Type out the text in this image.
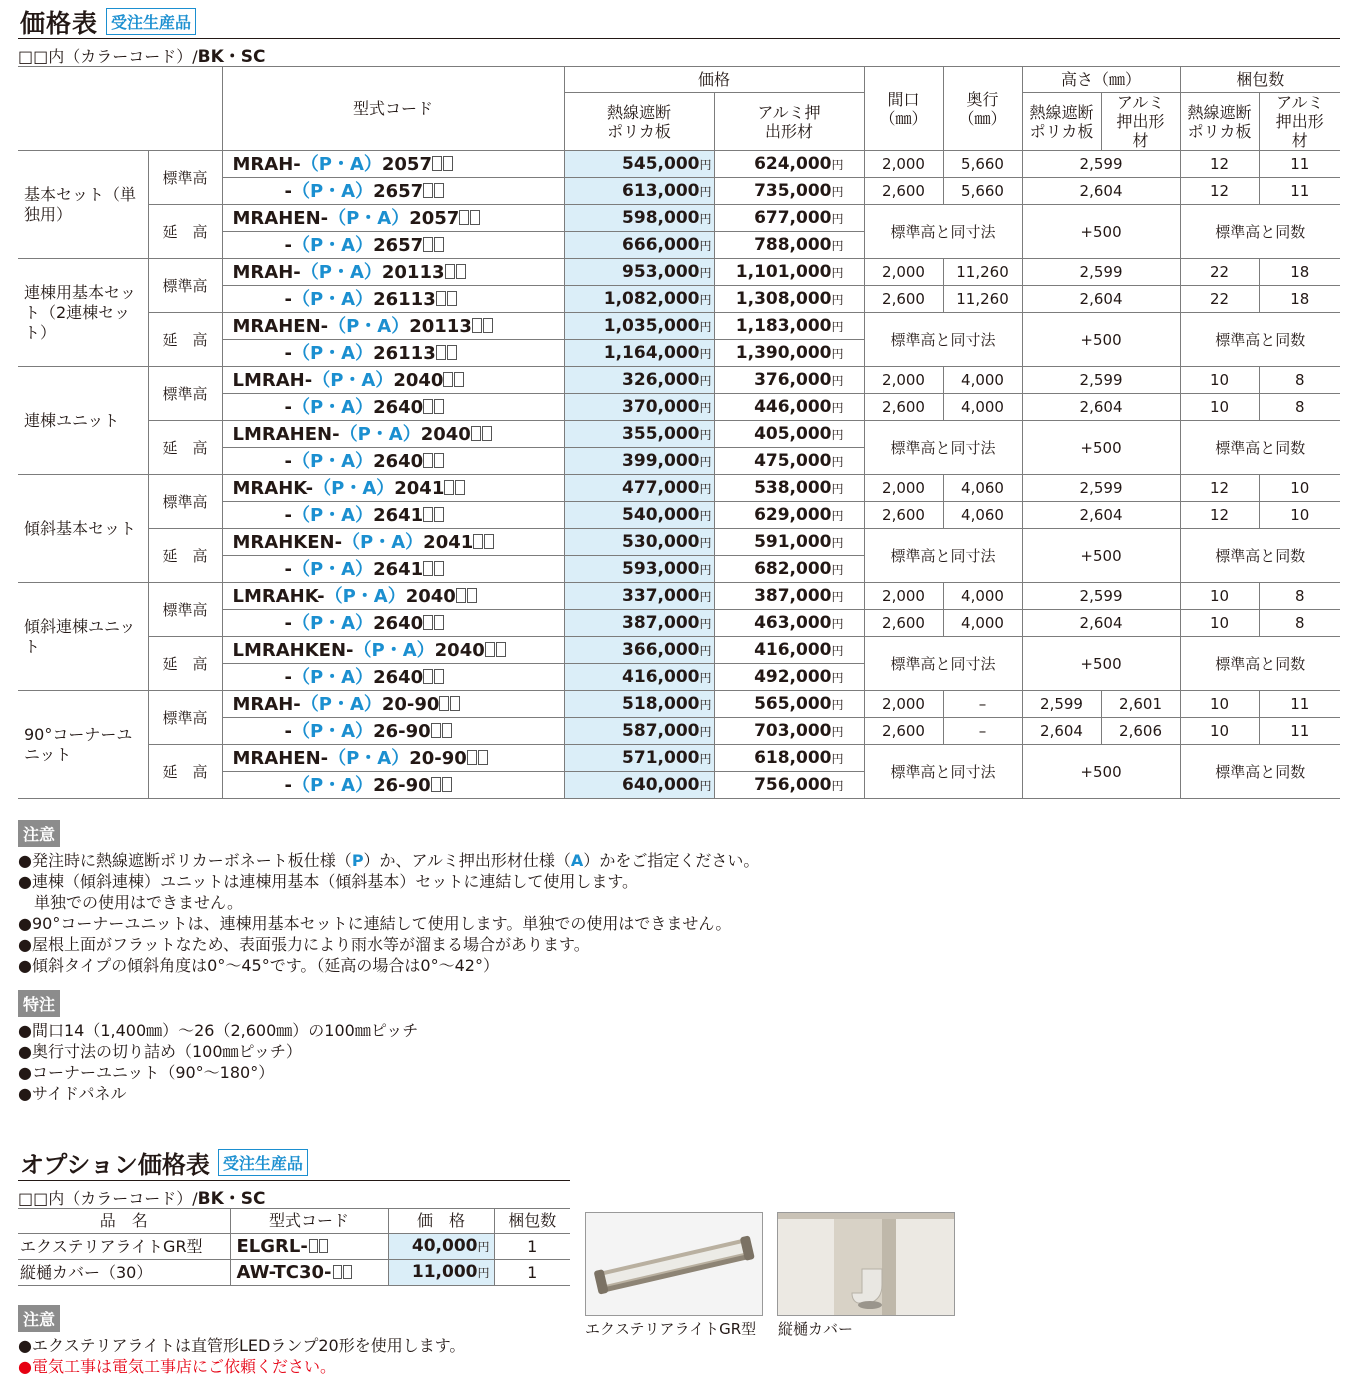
価格表 受注生産品
□□内（カラーコード）/BK・SC
		型式コード	価格		間口（㎜）	奥行（㎜）	高さ（㎜）		梱包数	
			熱線遮断ポリカ板	アルミ押出形材			熱線遮断ポリカ板	アルミ押出形材	熱線遮断ポリカ板	アルミ押出形材
基本セット（単独用）	標準高	MRAH-（P・A）2057	545,000円	624,000円	2,000	5,660	2,599		12	11
		-（P・A）2657	613,000円	735,000円	2,600	5,660	2,604		12	11
	延　高	MRAHEN-（P・A）2057	598,000円	677,000円	標準高と同寸法		+500		標準高と同数	
		-（P・A）2657	666,000円	788,000円						
連棟用基本セット（2連棟セット）	標準高	MRAH-（P・A）20113	953,000円	1,101,000円	2,000	11,260	2,599		22	18
		-（P・A）26113	1,082,000円	1,308,000円	2,600	11,260	2,604		22	18
	延　高	MRAHEN-（P・A）20113	1,035,000円	1,183,000円	標準高と同寸法		+500		標準高と同数	
		-（P・A）26113	1,164,000円	1,390,000円						
連棟ユニット	標準高	LMRAH-（P・A）2040	326,000円	376,000円	2,000	4,000	2,599		10	8
		-（P・A）2640	370,000円	446,000円	2,600	4,000	2,604		10	8
	延　高	LMRAHEN-（P・A）2040	355,000円	405,000円	標準高と同寸法		+500		標準高と同数	
		-（P・A）2640	399,000円	475,000円						
傾斜基本セット	標準高	MRAHK-（P・A）2041	477,000円	538,000円	2,000	4,060	2,599		12	10
		-（P・A）2641	540,000円	629,000円	2,600	4,060	2,604		12	10
	延　高	MRAHKEN-（P・A）2041	530,000円	591,000円	標準高と同寸法		+500		標準高と同数	
		-（P・A）2641	593,000円	682,000円						
傾斜連棟ユニット	標準高	LMRAHK-（P・A）2040	337,000円	387,000円	2,000	4,000	2,599		10	8
		-（P・A）2640	387,000円	463,000円	2,600	4,000	2,604		10	8
	延　高	LMRAHKEN-（P・A）2040	366,000円	416,000円	標準高と同寸法		+500		標準高と同数	
		-（P・A）2640	416,000円	492,000円						
90°コーナーユニット	標準高	MRAH-（P・A）20-90	518,000円	565,000円	2,000	–	2,599	2,601	10	11
		-（P・A）26-90	587,000円	703,000円	2,600	–	2,604	2,606	10	11
	延　高	MRAHEN-（P・A）20-90	571,000円	618,000円	標準高と同寸法		+500		標準高と同数	
		-（P・A）26-90	640,000円	756,000円						
注意

●発注時に熱線遮断ポリカーボネート板仕様（P）か、アルミ押出形材仕様（A）かをご指定ください。

●連棟（傾斜連棟）ユニットは連棟用基本（傾斜基本）セットに連結して使用します。

単独での使用はできません。

●90°コーナーユニットは、連棟用基本セットに連結して使用します。単独での使用はできません。

●屋根上面がフラットなため、表面張力により雨水等が溜まる場合があります。

●傾斜タイプの傾斜角度は0°～45°です。（延高の場合は0°～42°）

特注

●間口14（1,400㎜）～26（2,600㎜）の100㎜ピッチ

●奥行寸法の切り詰め（100㎜ピッチ）

●コーナーユニット（90°～180°）

●サイドパネル

オプション価格表 受注生産品
□□内（カラーコード）/BK・SC
品　名	型式コード	価　格	梱包数
エクステリアライトGR型	ELGRL-	40,000円	1
縦樋カバー（30）	AW-TC30-	11,000円	1
注意

●エクステリアライトは直管形LEDランプ20形を使用します。

●電気工事は電気工事店にご依頼ください。

エクステリアライトGR型 縦樋カバー
